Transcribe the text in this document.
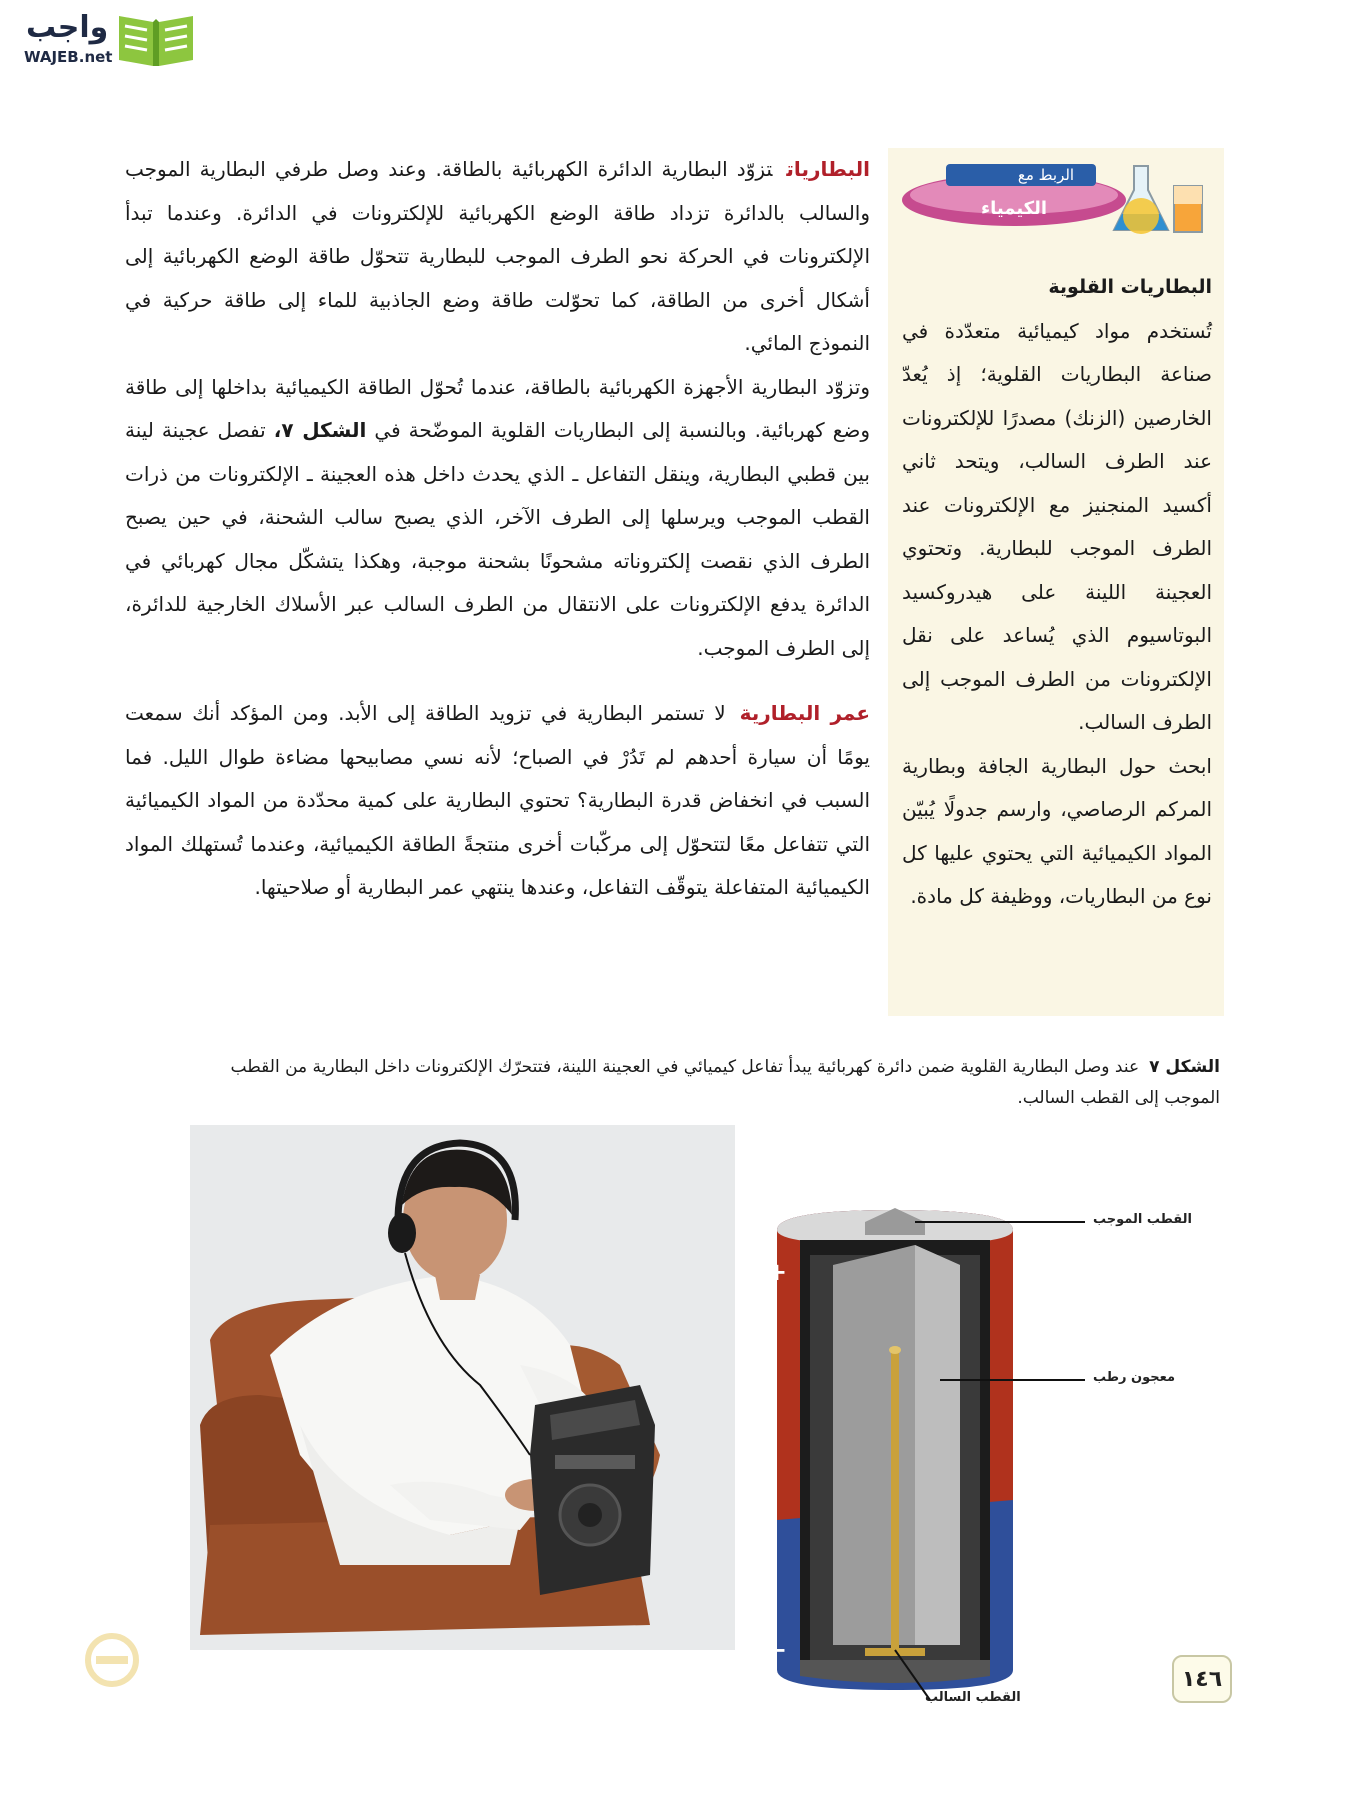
واجب
WAJEB.net

البطارياتتزوّد البطارية الدائرة الكهربائية بالطاقة. وعند وصل طرفي البطارية الموجب والسالب بالدائرة تزداد طاقة الوضع الكهربائية للإلكترونات في الدائرة. وعندما تبدأ الإلكترونات في الحركة نحو الطرف الموجب للبطارية تتحوّل طاقة الوضع الكهربائية إلى أشكال أخرى من الطاقة، كما تحوّلت طاقة وضع الجاذبية للماء إلى طاقة حركية في النموذج المائي.

وتزوّد البطارية الأجهزة الكهربائية بالطاقة، عندما تُحوّل الطاقة الكيميائية بداخلها إلى طاقة وضع كهربائية. وبالنسبة إلى البطاريات القلوية الموضّحة في الشكل ٧، تفصل عجينة لينة بين قطبي البطارية، وينقل التفاعل ـ الذي يحدث داخل هذه العجينة ـ الإلكترونات من ذرات القطب الموجب ويرسلها إلى الطرف الآخر، الذي يصبح سالب الشحنة، في حين يصبح الطرف الذي نقصت إلكتروناته مشحونًا بشحنة موجبة، وهكذا يتشكّل مجال كهربائي في الدائرة يدفع الإلكترونات على الانتقال من الطرف السالب عبر الأسلاك الخارجية للدائرة، إلى الطرف الموجب.

عمر البطاريةلا تستمر البطارية في تزويد الطاقة إلى الأبد. ومن المؤكد أنك سمعت يومًا أن سيارة أحدهم لم تَدُرْ في الصباح؛ لأنه نسي مصابيحها مضاءة طوال الليل. فما السبب في انخفاض قدرة البطارية؟ تحتوي البطارية على كمية محدّدة من المواد الكيميائية التي تتفاعل معًا لتتحوّل إلى مركّبات أخرى منتجةً الطاقة الكيميائية، وعندما تُستهلك المواد الكيميائية المتفاعلة يتوقّف التفاعل، وعندها ينتهي عمر البطارية أو صلاحيتها.

الربط مع
الكيمياء

البطاريات القلوية

تُستخدم مواد كيميائية متعدّدة في صناعة البطاريات القلوية؛ إذ يُعدّ الخارصين (الزنك) مصدرًا للإلكترونات عند الطرف السالب، ويتحد ثاني أكسيد المنجنيز مع الإلكترونات عند الطرف الموجب للبطارية. وتحتوي العجينة اللينة على هيدروكسيد البوتاسيوم الذي يُساعد على نقل الإلكترونات من الطرف الموجب إلى الطرف السالب.

ابحث حول البطارية الجافة وبطارية المركم الرصاصي، وارسم جدولًا يُبيّن المواد الكيميائية التي يحتوي عليها كل نوع من البطاريات، ووظيفة كل مادة.

الشكل ٧عند وصل البطارية القلوية ضمن دائرة كهربائية يبدأ تفاعل كيميائي في العجينة اللينة، فتتحرّك الإلكترونات داخل البطارية من القطب الموجب إلى القطب السالب.
+
−
القطب الموجب
معجون رطب
القطب السالب
١٤٦
